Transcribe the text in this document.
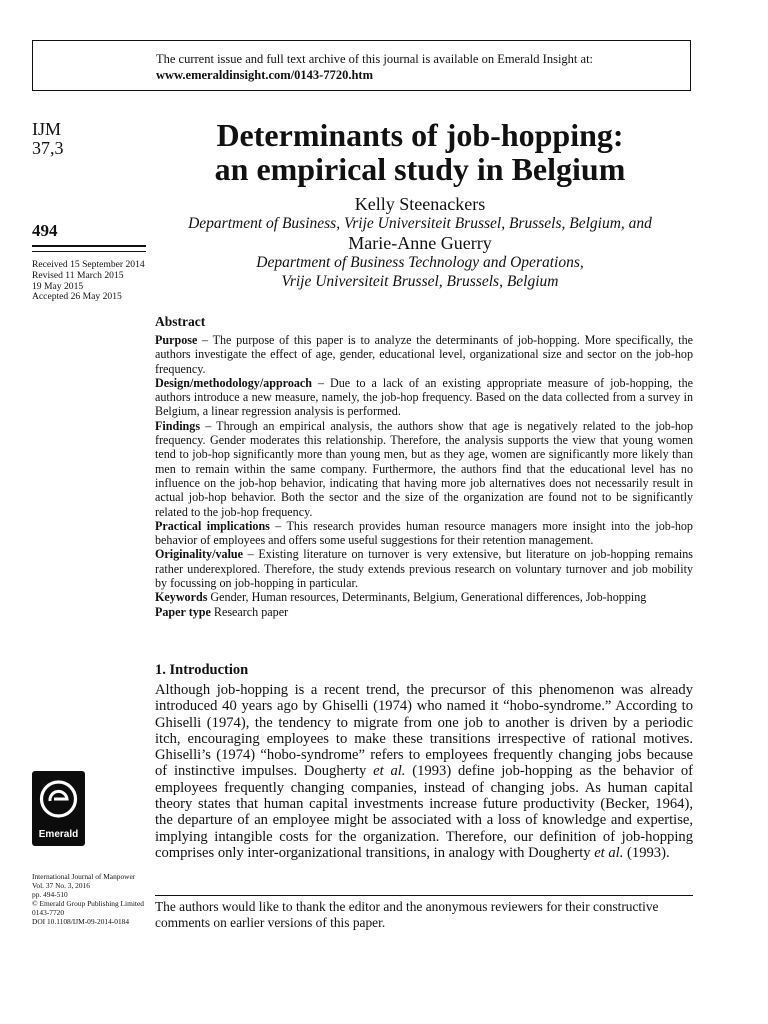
The current issue and full text archive of this journal is available on Emerald Insight at:
www.emeraldinsight.com/0143-7720.htm
IJM
37,3
494
Received 15 September 2014
Revised 11 March 2015
19 May 2015
Accepted 26 May 2015
Determinants of job-hopping:
an empirical study in Belgium
Kelly Steenackers
Department of Business, Vrije Universiteit Brussel, Brussels, Belgium, and
Marie-Anne Guerry
Department of Business Technology and Operations,
Vrije Universiteit Brussel, Brussels, Belgium
Abstract

Purpose – The purpose of this paper is to analyze the determinants of job-hopping. More specifically, the authors investigate the effect of age, gender, educational level, organizational size and sector on the job-hop frequency.

Design/methodology/approach – Due to a lack of an existing appropriate measure of job-hopping, the authors introduce a new measure, namely, the job-hop frequency. Based on the data collected from a survey in Belgium, a linear regression analysis is performed.

Findings – Through an empirical analysis, the authors show that age is negatively related to the job-hop frequency. Gender moderates this relationship. Therefore, the analysis supports the view that young women tend to job-hop significantly more than young men, but as they age, women are significantly more likely than men to remain within the same company. Furthermore, the authors find that the educational level has no influence on the job-hop behavior, indicating that having more job alternatives does not necessarily result in actual job-hop behavior. Both the sector and the size of the organization are found not to be significantly related to the job-hop frequency.

Practical implications – This research provides human resource managers more insight into the job-hop behavior of employees and offers some useful suggestions for their retention management.

Originality/value – Existing literature on turnover is very extensive, but literature on job-hopping remains rather underexplored. Therefore, the study extends previous research on voluntary turnover and job mobility by focussing on job-hopping in particular.

Keywords Gender, Human resources, Determinants, Belgium, Generational differences, Job-hopping

Paper type Research paper

1. Introduction

Although job-hopping is a recent trend, the precursor of this phenomenon was already introduced 40 years ago by Ghiselli (1974) who named it “hobo-syndrome.” According to Ghiselli (1974), the tendency to migrate from one job to another is driven by a periodic itch, encouraging employees to make these transitions irrespective of rational motives. Ghiselli’s (1974) “hobo-syndrome” refers to employees frequently changing jobs because of instinctive impulses. Dougherty et al. (1993) define job-hopping as the behavior of employees frequently changing companies, instead of changing jobs. As human capital theory states that human capital investments increase future productivity (Becker, 1964), the departure of an employee might be associated with a loss of knowledge and expertise, implying intangible costs for the organization. Therefore, our definition of job-hopping comprises only inter-organizational transitions, in analogy with Dougherty et al. (1993).

The authors would like to thank the editor and the anonymous reviewers for their constructive comments on earlier versions of this paper.
Emerald
International Journal of Manpower
Vol. 37 No. 3, 2016
pp. 494-510
© Emerald Group Publishing Limited
0143-7720
DOI 10.1108/IJM-09-2014-0184
